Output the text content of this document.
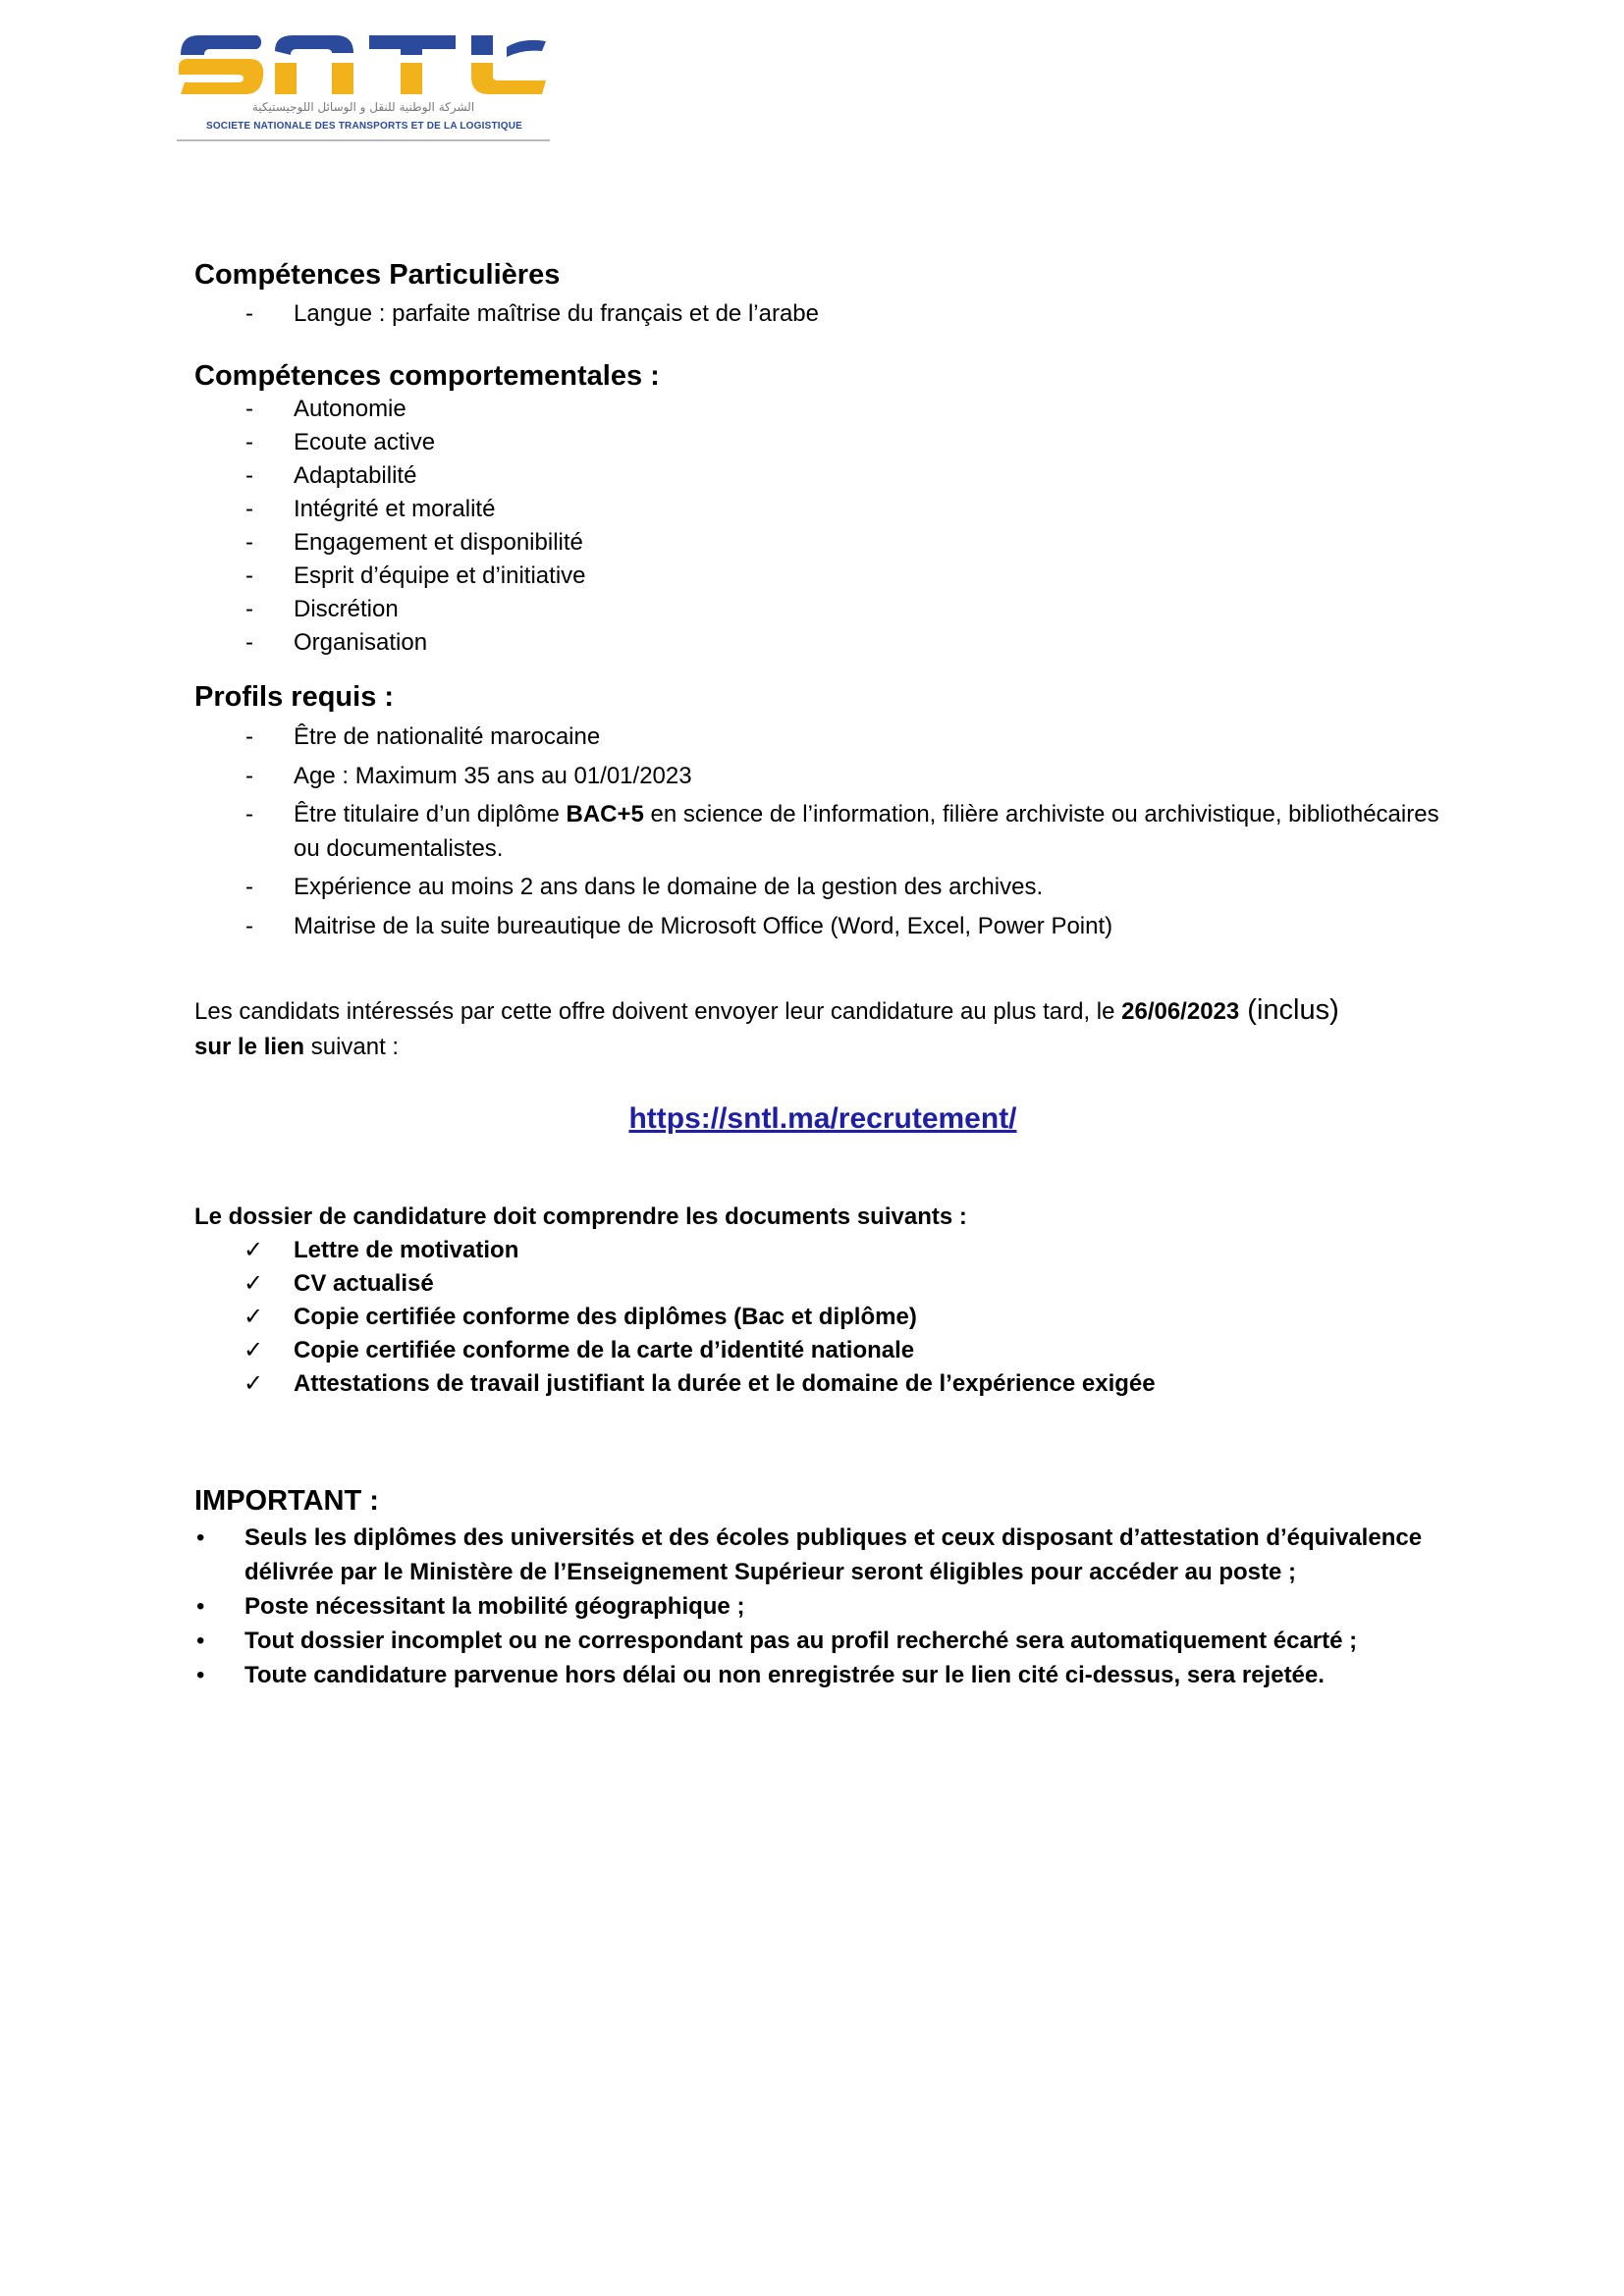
الشركة الوطنية للنقل و الوسائل اللوجيستيكية
SOCIETE NATIONALE DES TRANSPORTS ET DE LA LOGISTIQUE
Compétences Particulières
- Langue : parfaite maîtrise du français et de l’arabe
Compétences comportementales :
- Autonomie
- Ecoute active
- Adaptabilité
- Intégrité et moralité
- Engagement et disponibilité
- Esprit d’équipe et d’initiative
- Discrétion
- Organisation
Profils requis :
- Être de nationalité marocaine
- Age : Maximum 35 ans au 01/01/2023
- Être titulaire d’un diplôme BAC+5 en science de l’information, filière archiviste ou archivistique, bibliothécaires ou documentalistes.
- Expérience au moins 2 ans dans le domaine de la gestion des archives.
- Maitrise de la suite bureautique de Microsoft Office (Word, Excel, Power Point)
Les candidats intéressés par cette offre doivent envoyer leur candidature au plus tard, le 26/06/2023 (inclus)
sur le lien suivant :
https://sntl.ma/recrutement/
Le dossier de candidature doit comprendre les documents suivants :
✓ Lettre de motivation
✓ CV actualisé
✓ Copie certifiée conforme des diplômes (Bac et diplôme)
✓ Copie certifiée conforme de la carte d’identité nationale
✓ Attestations de travail justifiant la durée et le domaine de l’expérience exigée
IMPORTANT :
• Seuls les diplômes des universités et des écoles publiques et ceux disposant d’attestation d’équivalence délivrée par le Ministère de l’Enseignement Supérieur seront éligibles pour accéder au poste ;
• Poste nécessitant la mobilité géographique ;
• Tout dossier incomplet ou ne correspondant pas au profil recherché sera automatiquement écarté ;
• Toute candidature parvenue hors délai ou non enregistrée sur le lien cité ci-dessus, sera rejetée.
